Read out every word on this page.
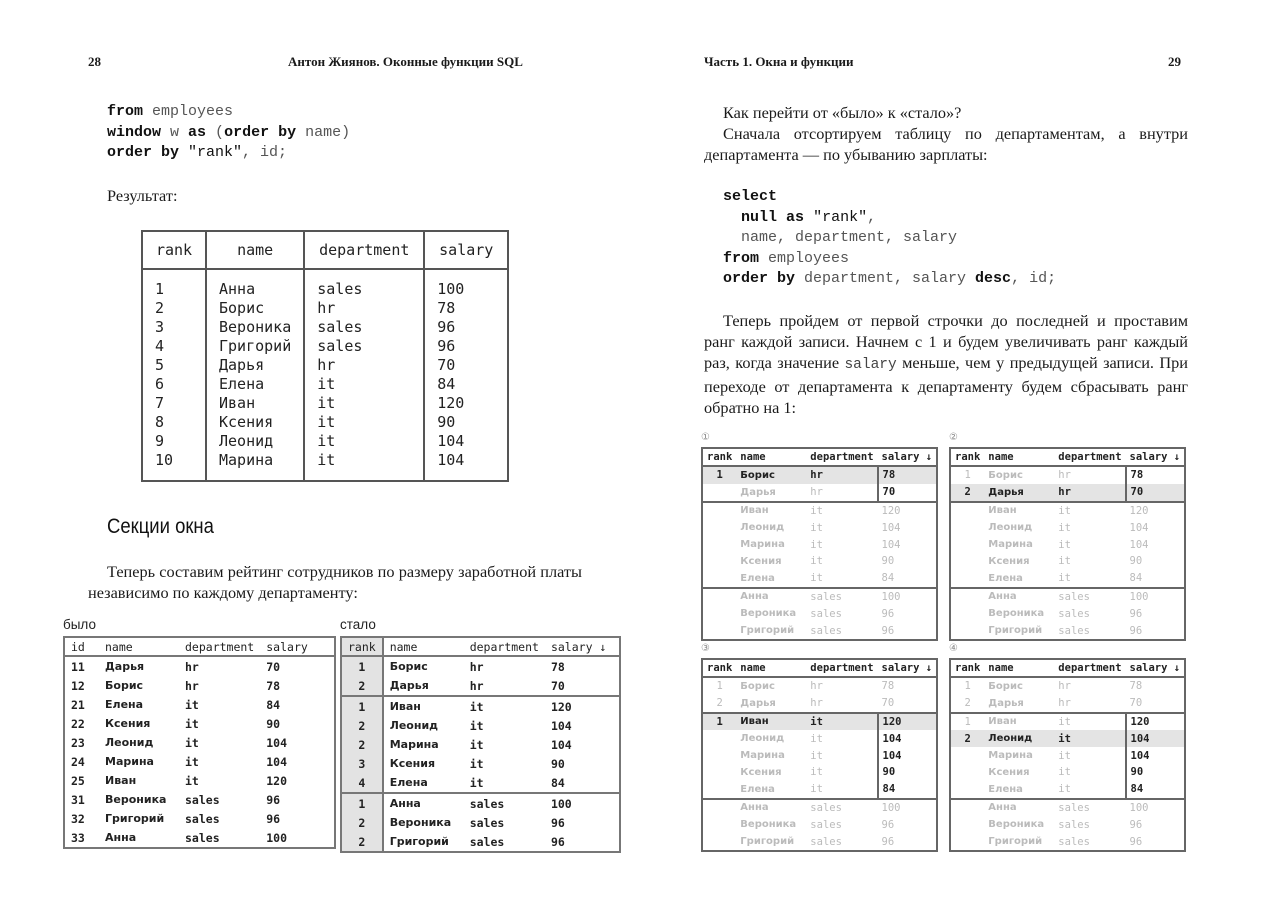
28	Антон Жиянов. Оконные функции SQL
from employees
window w as (order by name)
order by "rank", id;
Результат:
rank	name	department	salary
1	Анна	sales	100
2	Борис	hr	78
3	Вероника	sales	96
4	Григорий	sales	96
5	Дарья	hr	70
6	Елена	it	84
7	Иван	it	120
8	Ксения	it	90
9	Леонид	it	104
10	Марина	it	104
Секции окна
Теперь составим рейтинг сотрудников по размеру заработной платы независимо по каждому департаменту:
было	стало
id	name	department	salary
11	Дарья	hr	70
12	Борис	hr	78
21	Елена	it	84
22	Ксения	it	90
23	Леонид	it	104
24	Марина	it	104
25	Иван	it	120
31	Вероника	sales	96
32	Григорий	sales	96
33	Анна	sales	100
rank	name	department	salary ↓
1	Борис	hr	78
2	Дарья	hr	70
1	Иван	it	120
2	Леонид	it	104
2	Марина	it	104
3	Ксения	it	90
4	Елена	it	84
1	Анна	sales	100
2	Вероника	sales	96
2	Григорий	sales	96
Часть 1. Окна и функции	29
Как перейти от «было» к «стало»?
Сначала отсортируем таблицу по департаментам, а внутри департамента — по убыванию зарплаты:
select
null as "rank",
name, department, salary
from employees
order by department, salary desc, id;
Теперь пройдем от первой строчки до последней и проставим ранг каждой записи. Начнем с 1 и будем увеличивать ранг каждый раз, когда значение salary меньше, чем у предыдущей записи. При переходе от департамента к департаменту будем сбрасывать ранг обратно на 1:
①
rank	name	department	salary ↓
1	Борис	hr	78
	Дарья	hr	70
	Иван	it	120
	Леонид	it	104
	Марина	it	104
	Ксения	it	90
	Елена	it	84
	Анна	sales	100
	Вероника	sales	96
	Григорий	sales	96
②
rank	name	department	salary ↓
1	Борис	hr	78
2	Дарья	hr	70
	Иван	it	120
	Леонид	it	104
	Марина	it	104
	Ксения	it	90
	Елена	it	84
	Анна	sales	100
	Вероника	sales	96
	Григорий	sales	96
③
rank	name	department	salary ↓
1	Борис	hr	78
2	Дарья	hr	70
1	Иван	it	120
	Леонид	it	104
	Марина	it	104
	Ксения	it	90
	Елена	it	84
	Анна	sales	100
	Вероника	sales	96
	Григорий	sales	96
④
rank	name	department	salary ↓
1	Борис	hr	78
2	Дарья	hr	70
1	Иван	it	120
2	Леонид	it	104
	Марина	it	104
	Ксения	it	90
	Елена	it	84
	Анна	sales	100
	Вероника	sales	96
	Григорий	sales	96
